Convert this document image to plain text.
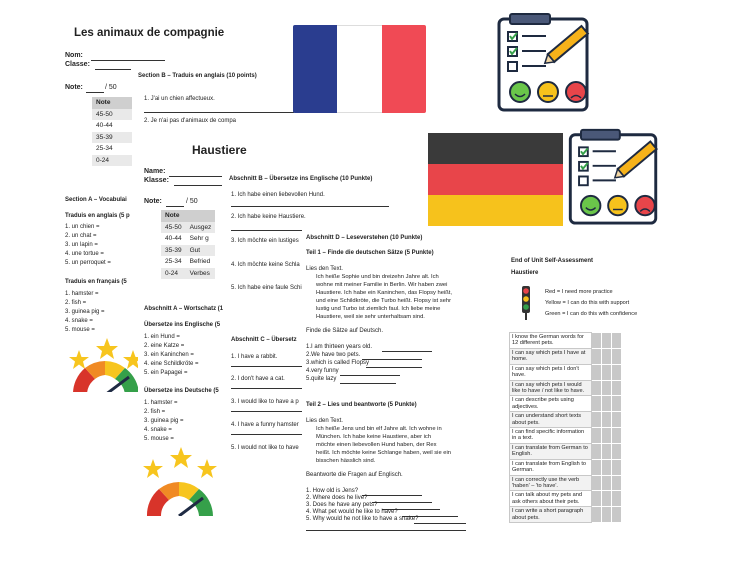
Les animaux de compagnie
Nom:
Classe:
Note:	/ 50
Note
45-50
40-44
35-39
25-34
0-24
Section B – Traduis en anglais (10 points)
1. J'ai un chien affectueux.
2. Je n'ai pas d'animaux de compa
Section A – Vocabulai
Traduis en anglais (5 p
1. un chien =
2. un chat =
3. un lapin =
4. une tortue =
5. un perroquet =
Traduis en français (5
1. hamster =
2. fish =
3. guinea pig =
4. snake =
5. mouse =
Haustiere
Name:
Klasse:
Note:	/ 50
Note	
45-50	Ausgez
40-44	Sehr g
35-39	Gut
25-34	Befried
0-24	Verbes
Abschnitt A – Wortschatz (1
Übersetze ins Englische (5
1. ein Hund =
2. eine Katze =
3. ein Kaninchen =
4. eine Schildkröte =
5. ein Papagei =
Übersetze ins Deutsche (5
1. hamster =
2. fish =
3. guinea pig =
4. snake =
5. mouse =
Abschnitt B – Übersetze ins Englische (10 Punkte)
1. Ich habe einen liebevollen Hund.
2. Ich habe keine Haustiere.
3. Ich möchte ein lustiges
4. Ich möchte keine Schla
5. Ich habe eine faule Schi
Abschnitt C – Übersetz
1. I have a rabbit.
2. I don't have a cat.
3. I would like to have a p
4. I have a funny hamster
5. I would not like to have
Abschnitt D – Leseverstehen (10 Punkte)
Teil 1 – Finde die deutschen Sätze (5 Punkte)
Lies den Text.
Ich heiße Sophie und bin dreizehn Jahre alt. Ich
wohne mit meiner Familie in Berlin. Wir haben zwei
Haustiere. Ich habe ein Kaninchen, das Flopsy heißt,
und eine Schildkröte, die Turbo heißt. Flopsy ist sehr
lustig und Turbo ist ziemlich faul. Ich liebe meine
Haustiere, weil sie sehr unterhaltsam sind.
Finde die Sätze auf Deutsch.
1.I am thirteen years old.
2.We have two pets.
3.which is called Flopsy
4.very funny
5.quite lazy
Teil 2 – Lies und beantworte (5 Punkte)
Lies den Text.
Ich heiße Jens und bin elf Jahre alt. Ich wohne in
München. Ich habe keine Haustiere, aber ich
möchte einen liebevollen Hund haben, der Rex
heißt. Ich möchte keine Schlange haben, weil sie ein
bisschen hässlich sind.
Beantworte die Fragen auf Englisch.
1. How old is Jens?
2. Where does he live?
3. Does he have any pets?
4. What pet would he like to have?
5. Why would he not like to have a snake?
End of Unit Self-Assessment
Haustiere
Red = I need more practice
Yellow = I can do this with support
Green = I can do this with confidence
I know the German words for 12 different pets.			
I can say which pets I have at home.			
I can say which pets I don't have.			
I can say which pets I would like to have / not like to have.			
I can describe pets using adjectives.			
I can understand short texts about pets.			
I can find specific information in a text.			
I can translate from German to English.			
I can translate from English to German.			
I can correctly use the verb 'haben' – 'to have'.			
I can talk about my pets and ask others about their pets.			
I can write a short paragraph about pets.			
